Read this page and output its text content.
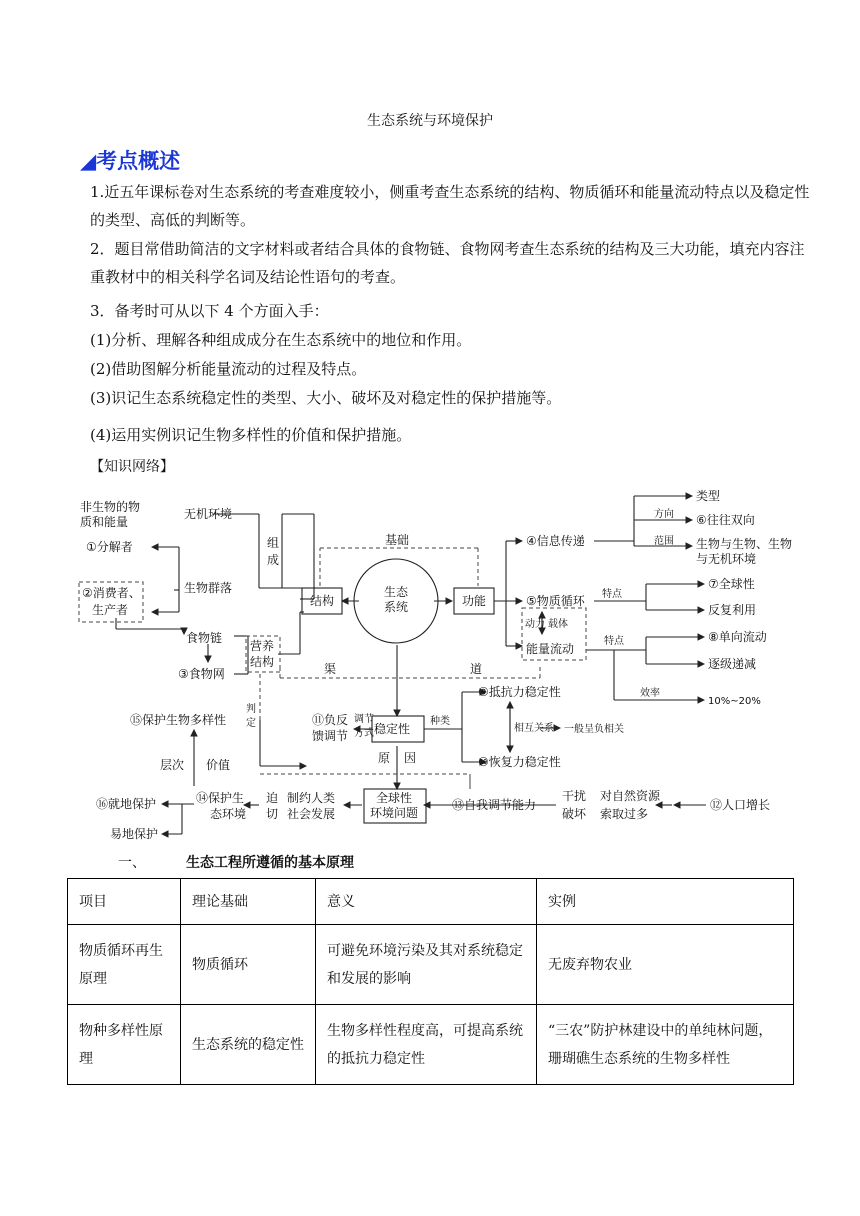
生态系统与环境保护
◢考点概述
1.近五年课标卷对生态系统的考查难度较小，侧重考查生态系统的结构、物质循环和能量流动特点以及稳定性的类型、高低的判断等。
2．题目常借助简洁的文字材料或者结合具体的食物链、食物网考查生态系统的结构及三大功能，填充内容注重教材中的相关科学名词及结论性语句的考查。
3．备考时可从以下 4 个方面入手：
(1)分析、理解各种组成成分在生态系统中的地位和作用。
(2)借助图解分析能量流动的过程及特点。
(3)识记生态系统稳定性的类型、大小、破坏及对稳定性的保护措施等。
(4)运用实例识记生物多样性的价值和保护措施。
【知识网络】
非生物的物
质和能量
无机环境
①分解者
②消费者、
生产者
生物群落
组
成
结构
基础
生态
系统	功能
食物链
③食物网
营养
结构	渠	道
④信息传递
类型
方向 ⑥往往双向
范围 生物与生物、生物
与无机环境
⑤物质循环 特点
⑦全球性
反复利用
动力 载体
能量流动
特点	⑧单向流动
逐级递减
效率
10%~20%
⑨抵抗力稳定性
相互关系 一般呈负相关
⑩恢复力稳定性
种类
稳定性
⑪负反
馈调节
调节
方式
原 因
⑮保护生物多样性
判
定
层次 价值
⑯就地保护
易地保护
⑭保护生
态环境
迫
切
制约人类
社会发展
全球性
环境问题
⑬自我调节能力
干扰
破坏
对自然资源
索取过多
⑫人口增长
一、	生态工程所遵循的基本原理
项目	理论基础	意义	实例
物质循环再生原理	物质循环	可避免环境污染及其对系统稳定和发展的影响	无废弃物农业
物种多样性原理	生态系统的稳定性	生物多样性程度高，可提高系统的抵抗力稳定性	“三农”防护林建设中的单纯林问题，珊瑚礁生态系统的生物多样性
